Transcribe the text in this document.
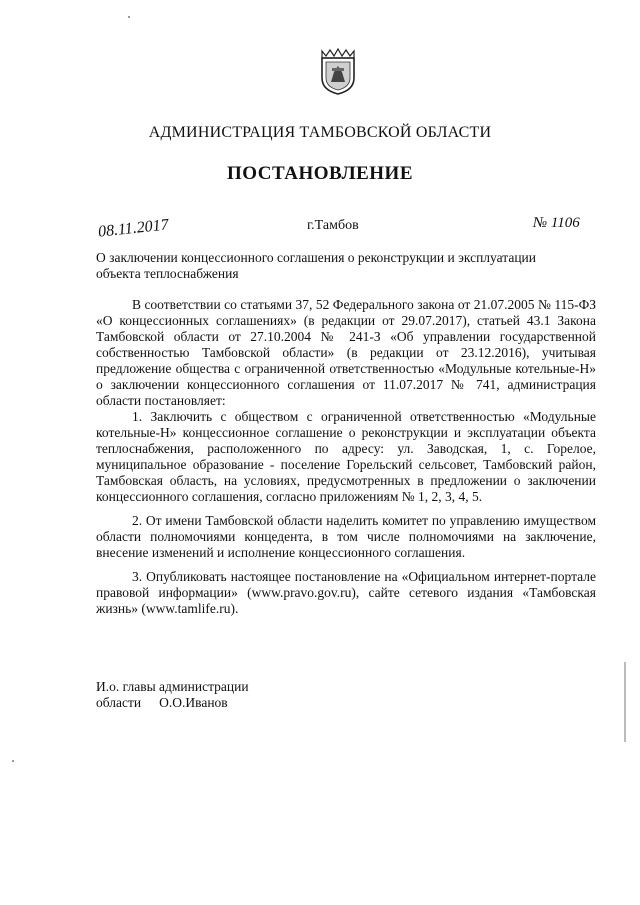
АДМИНИСТРАЦИЯ ТАМБОВСКОЙ ОБЛАСТИ
ПОСТАНОВЛЕНИЕ
08.11.2017	г.Тамбов	№ 1106
О заключении концессионного соглашения о реконструкции и эксплуатации объекта теплоснабжения

В соответствии со статьями 37, 52 Федерального закона от 21.07.2005 № 115-ФЗ «О концессионных соглашениях» (в редакции от 29.07.2017), статьей 43.1 Закона Тамбовской области от 27.10.2004 № 241-З «Об управлении государственной собственностью Тамбовской области» (в редакции от 23.12.2016), учитывая предложение общества с ограниченной ответственностью «Модульные котельные-Н» о заключении концессионного соглашения от 11.07.2017 № 741, администрация области постановляет:

1. Заключить с обществом с ограниченной ответственностью «Модульные котельные-Н» концессионное соглашение о реконструкции и эксплуатации объекта теплоснабжения, расположенного по адресу: ул. Заводская, 1, с. Горелое, муниципальное образование - поселение Горельский сельсовет, Тамбовский район, Тамбовская область, на условиях, предусмотренных в предложении о заключении концессионного соглашения, согласно приложениям № 1, 2, 3, 4, 5.

2. От имени Тамбовской области наделить комитет по управлению имуществом области полномочиями концедента, в том числе полномочиями на заключение, внесение изменений и исполнение концессионного соглашения.

3. Опубликовать настоящее постановление на «Официальном интернет-портале правовой информации» (www.pravo.gov.ru), сайте сетевого издания «Тамбовская жизнь» (www.tamlife.ru).

И.о. главы администрации
области О.О.Иванов
